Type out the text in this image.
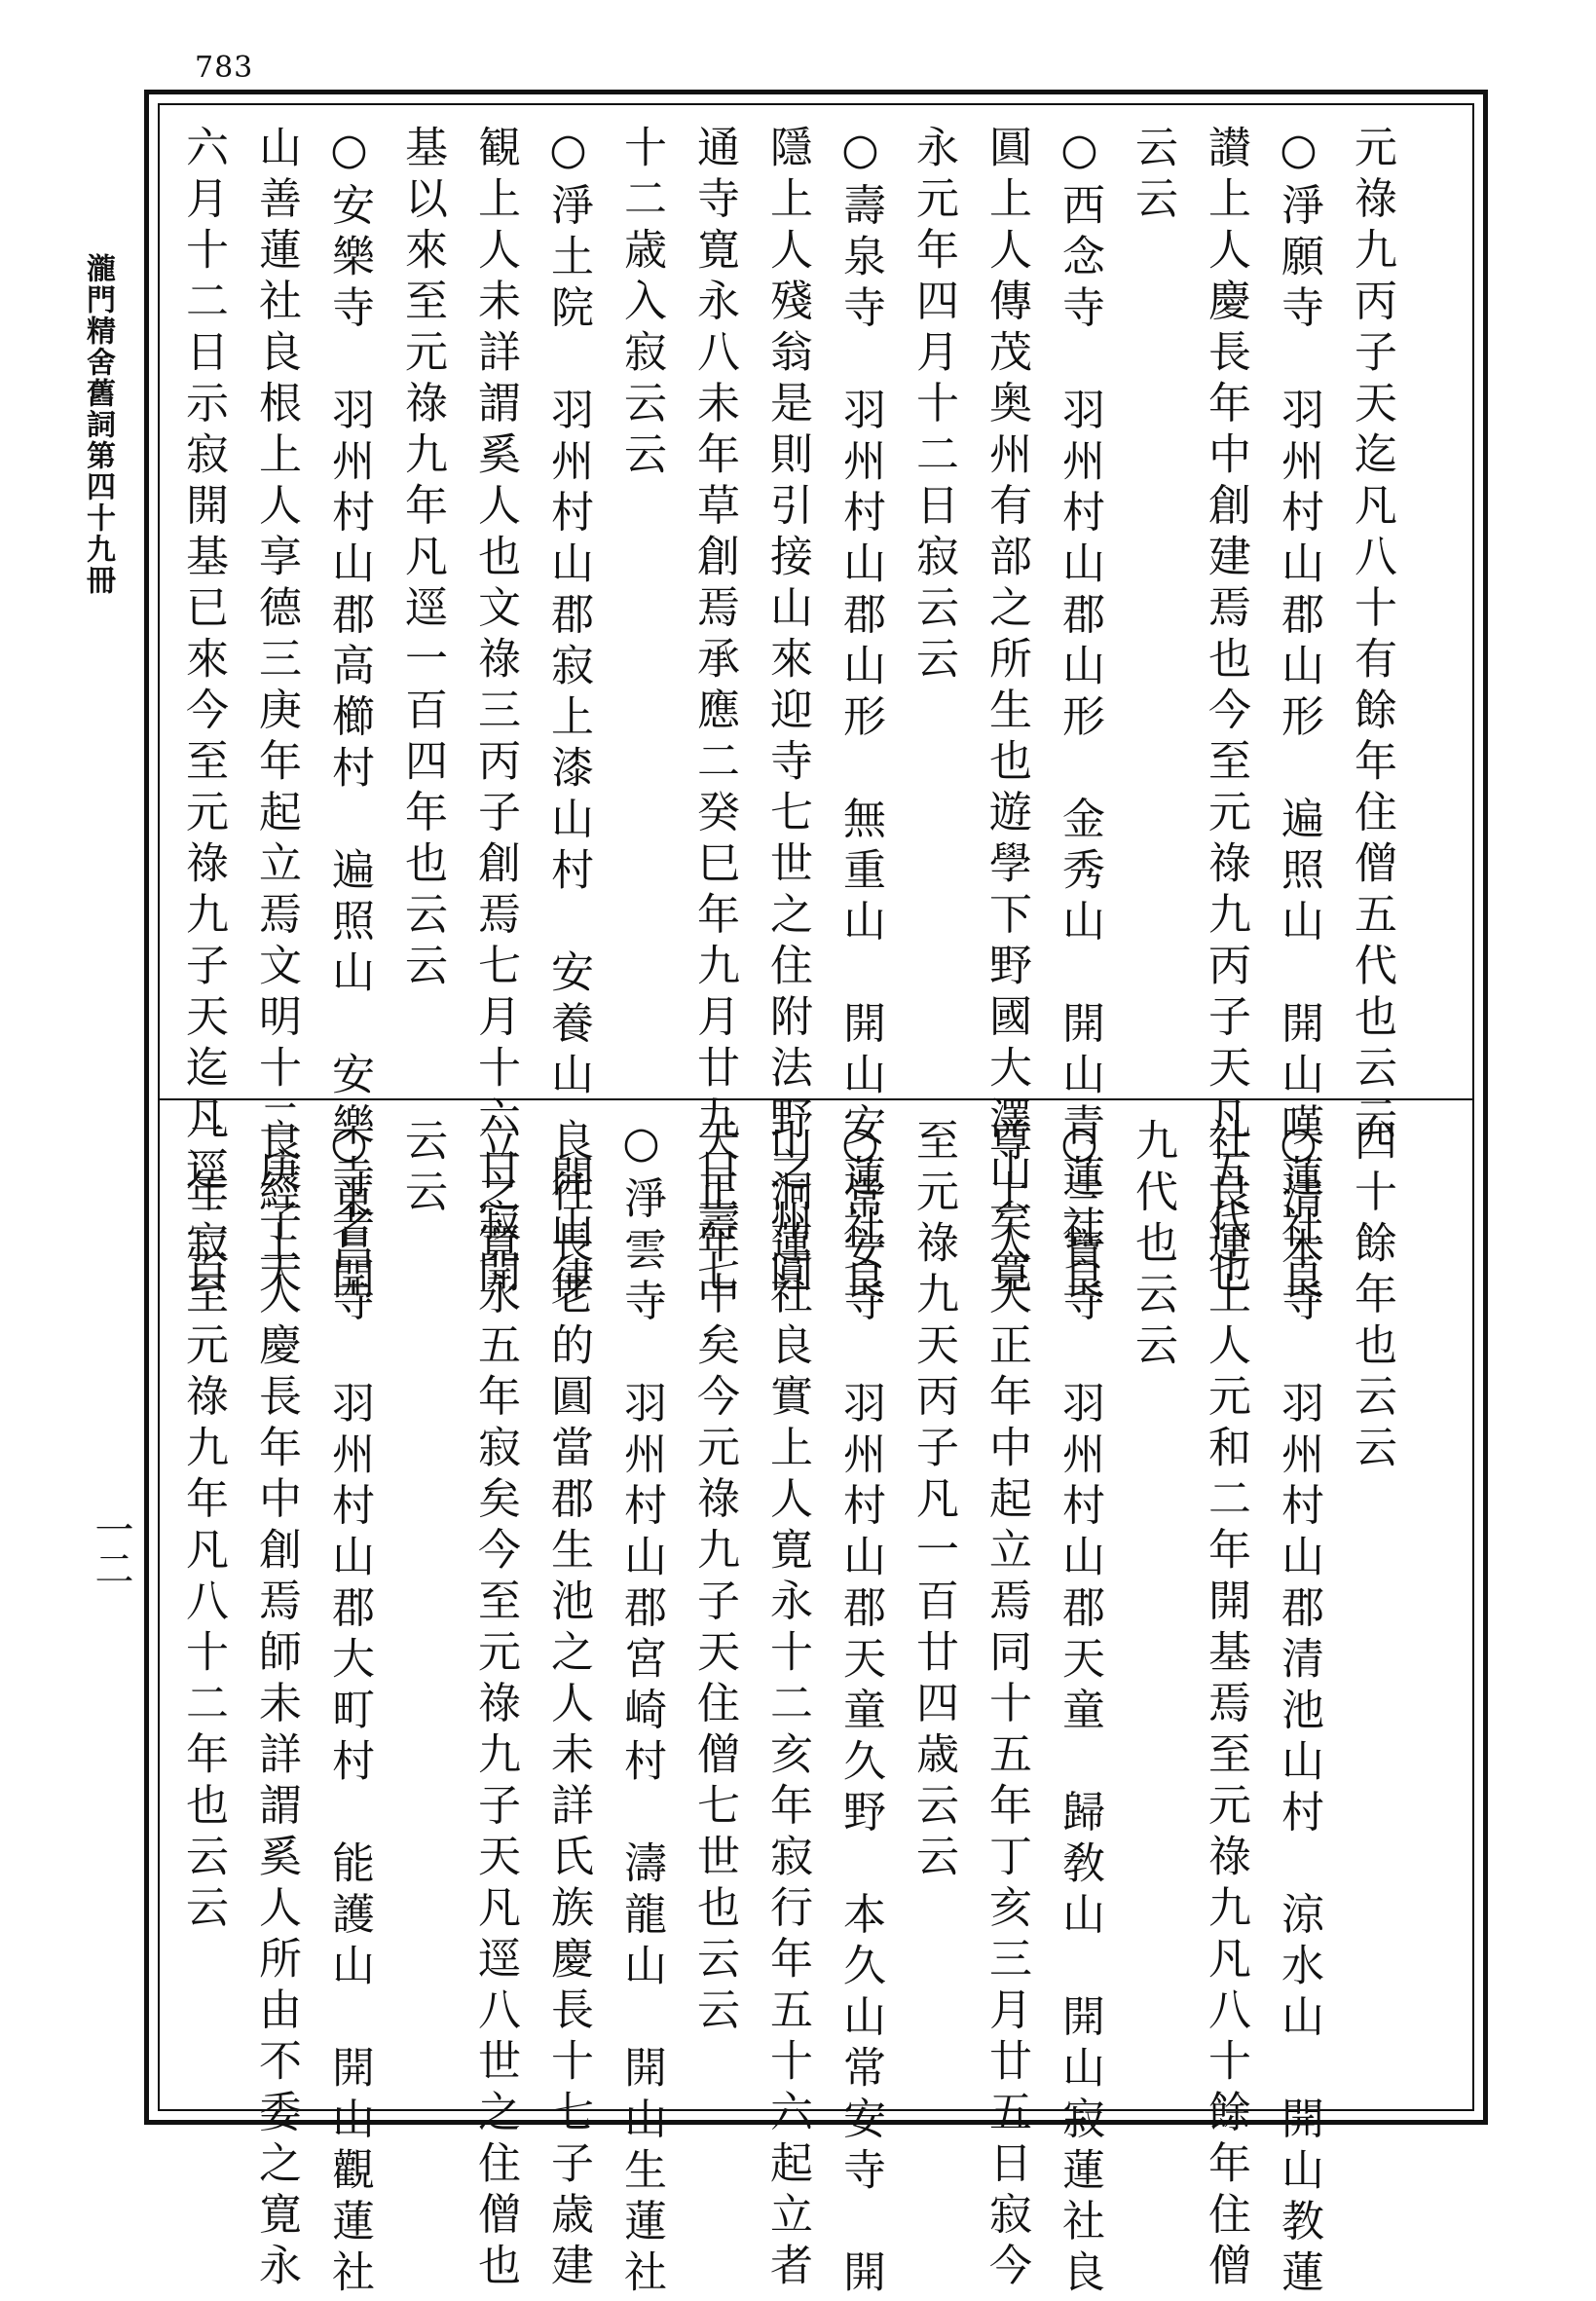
783
瀧門精舍舊詞第四十九冊
一二
元祿九丙子天迄凡八十有餘年住僧五代也云云
○淨願寺　羽州村山郡山形　遍照山　開山嘆蓮社良
讃上人慶長年中創建焉也今至元祿九丙子天凡五代也
云云
○西念寺　羽州村山郡山形　金秀山　開山青蓮社良
圓上人傳茂奥州有部之所生也遊學下野國大澤山矣寛
永元年四月十二日寂云云
○壽泉寺　羽州村山郡山形　無重山　開山安蓮社良
隱上人殘翁是則引接山來迎寺七世之住附法野之州圓
通寺寛永八未年草創焉承應二癸巳年九月廿九日壽七
十二歳入寂云云
○淨土院　羽州村山郡寂上漆山村　安養山　開山律
観上人未詳謂奚人也文祿三丙子創焉七月十六日寂開
基以來至元祿九年凡逕一百四年也云云
○安樂寺　羽州村山郡高櫛村　遍照山　安樂寺者開
山善蓮社良根上人享德三庚年起立焉文明十二庚子天
六月十二日示寂開基已來今至元祿九子天迄凡逕二百	四十餘年也云云
○清本寺　羽州村山郡清池山村　涼水山　開山教蓮
社良運上人元和二年開基焉至元祿九凡八十餘年住僧
九代也云云
○三寶寺　羽州村山郡天童　歸敎山　開山寂蓮社良
尊上人天正年中起立焉同十五年丁亥三月廿五日寂今
至元祿九天丙子凡一百廿四歳云云
○常安寺　羽州村山郡天童久野　本久山常安寺　開
山洞蓮社良實上人寛永十二亥年寂行年五十六起立者
天正年中矣今元祿九子天住僧七世也云云
○淨雲寺　羽州村山郡宮崎村　濤龍山　開山生蓮社
良往長老的圓當郡生池之人未詳氏族慶長十七子歳建
立之寛永五年寂矣今至元祿九子天凡逕八世之住僧也
云云
○東昌寺　羽州村山郡大町村　能護山　開山觀蓮社
良經上人慶長年中創焉師未詳謂奚人所由不委之寛永
二年寂至元祿九年凡八十二年也云云
